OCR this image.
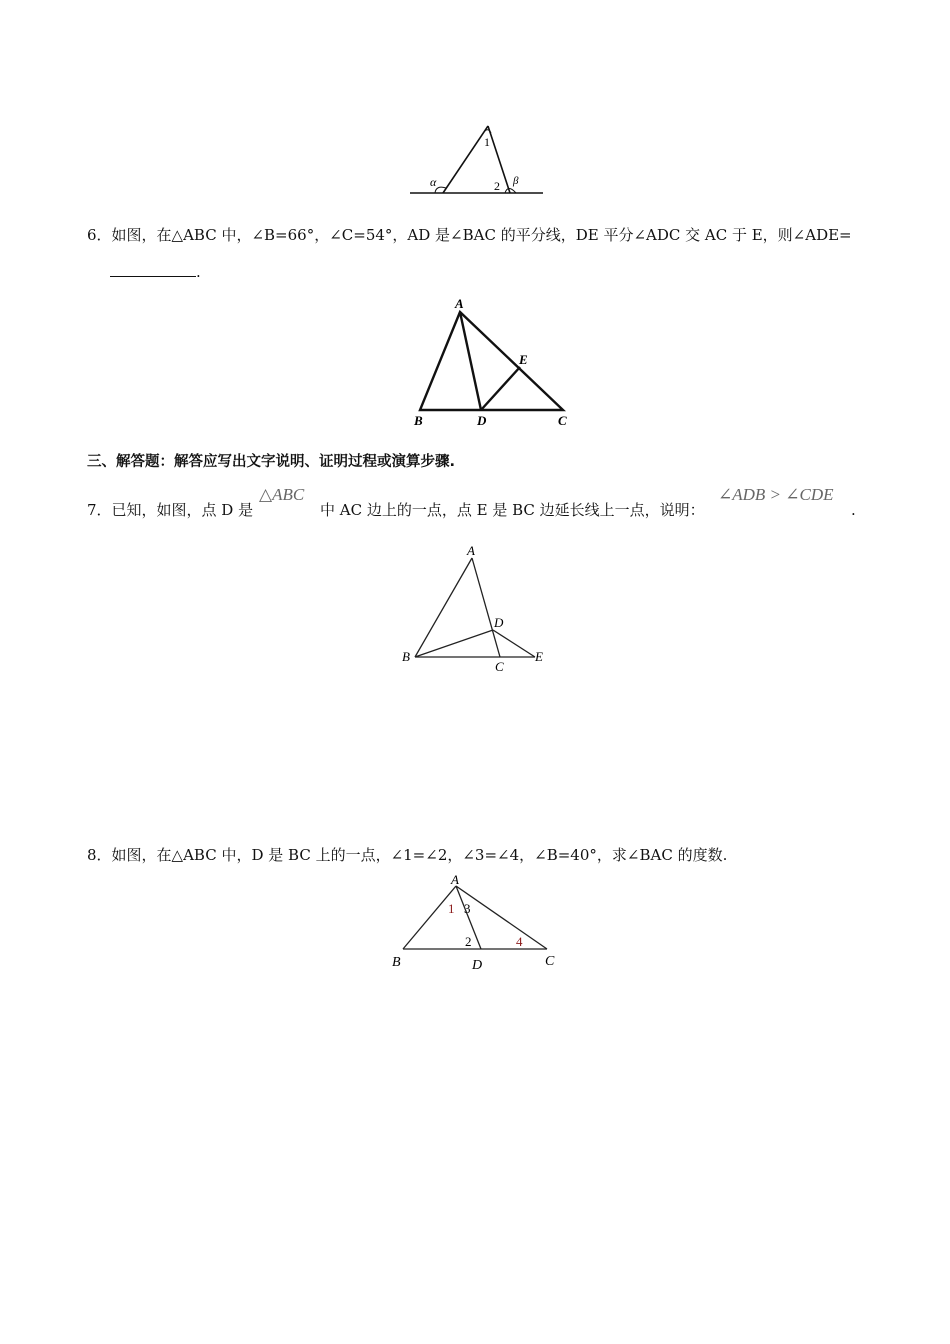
1
α	2 β
6．如图，在△ABC 中，∠B=66°，∠C=54°，AD 是∠BAC 的平分线，DE 平分∠ADC 交 AC 于 E，则∠ADE=
.
A
B	D	C
E
三、解答题：解答应写出文字说明、证明过程或演算步骤.
7．已知，如图，点 D 是
△ABC
中 AC 边上的一点，点 E 是 BC 边延长线上一点，说明：
∠ADB > ∠CDE
.
A
B
C
D
E
8．如图，在△ABC 中，D 是 BC 上的一点，∠1=∠2，∠3=∠4，∠B=40°，求∠BAC 的度数.
A
B	D	C
1 3
2	4
